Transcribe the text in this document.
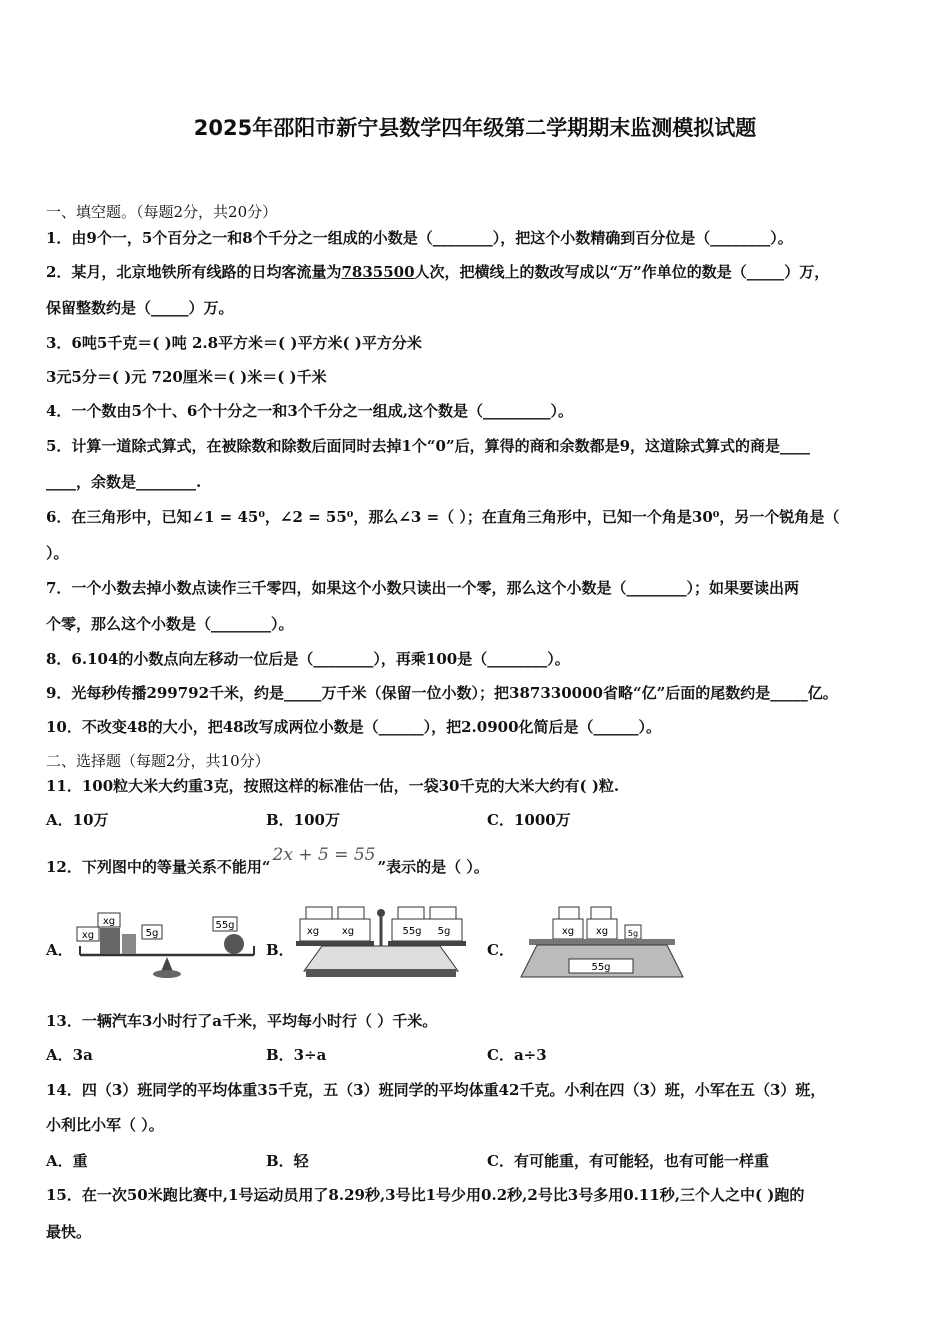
2025年邵阳市新宁县数学四年级第二学期期末监测模拟试题
一、填空题。（每题2分，共20分）
1．由9个一，5个百分之一和8个千分之一组成的小数是（________），把这个小数精确到百分位是（________）。
2．某月，北京地铁所有线路的日均客流量为7835500人次，把横线上的数改写成以“万”作单位的数是（_____）万，
保留整数约是（_____）万。
3．6吨5千克＝( )吨 2.8平方米＝( )平方米( )平方分米
3元5分＝( )元 720厘米＝( )米＝( )千米
4．一个数由5个十、6个十分之一和3个千分之一组成,这个数是（_________）。
5．计算一道除式算式，在被除数和除数后面同时去掉1个“0”后，算得的商和余数都是9，这道除式算式的商是____
____，余数是________.
6．在三角形中，已知∠1 = 45⁰，∠2 = 55⁰，那么∠3 =（ ）；在直角三角形中，已知一个角是30⁰，另一个锐角是（
）。
7．一个小数去掉小数点读作三千零四，如果这个小数只读出一个零，那么这个小数是（________）；如果要读出两
个零，那么这个小数是（________）。
8．6.104的小数点向左移动一位后是（________），再乘100是（________）。
9．光每秒传播299792千米，约是_____万千米（保留一位小数）；把387330000省略“亿”后面的尾数约是_____亿。
10．不改变48的大小，把48改写成两位小数是（______），把2.0900化简后是（______）。
二、选择题（每题2分，共10分）
11．100粒大米大约重3克，按照这样的标准估一估，一袋30千克的大米大约有( )粒.
A．10万	B．100万	C．1000万
12．下列图中的等量关系不能用“2x + 5 = 55”表示的是（ ）。
A．	B．	C．
xg
xg
5g
55g
xg xg	55g 5g	xg xg 5g
55g
13．一辆汽车3小时行了a千米，平均每小时行（ ）千米。
A．3a	B．3÷a	C．a÷3
14．四（3）班同学的平均体重35千克，五（3）班同学的平均体重42千克。小利在四（3）班，小军在五（3）班，
小利比小军（ ）。
A．重	B．轻	C．有可能重，有可能轻，也有可能一样重
15．在一次50米跑比赛中,1号运动员用了8.29秒,3号比1号少用0.2秒,2号比3号多用0.11秒,三个人之中( )跑的
最快。
